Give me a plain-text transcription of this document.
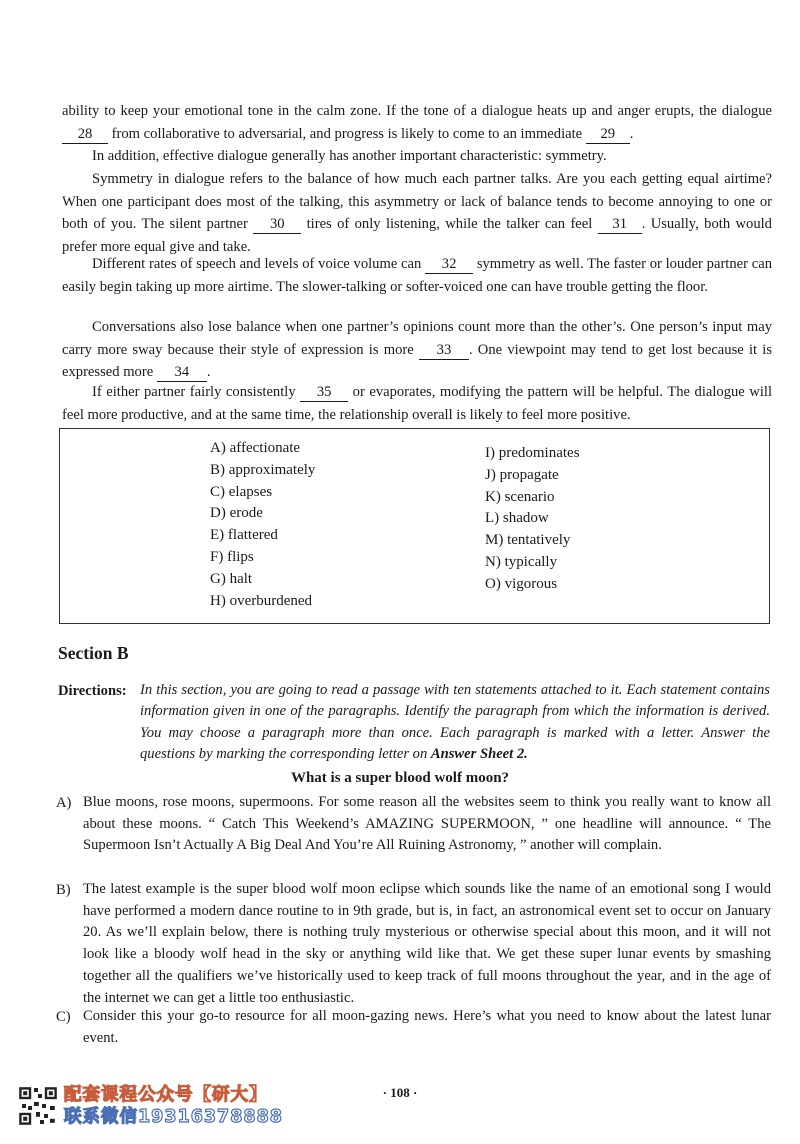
ability to keep your emotional tone in the calm zone. If the tone of a dialogue heats up and anger erupts, the dialogue 28 from collaborative to adversarial, and progress is likely to come to an immediate 29 .

In addition, effective dialogue generally has another important characteristic: symmetry.

Symmetry in dialogue refers to the balance of how much each partner talks. Are you each getting equal airtime? When one participant does most of the talking, this asymmetry or lack of balance tends to become annoying to one or both of you. The silent partner 30 tires of only listening, while the talker can feel 31 . Usually, both would prefer more equal give and take.

Different rates of speech and levels of voice volume can 32 symmetry as well. The faster or louder partner can easily begin taking up more airtime. The slower-talking or softer-voiced one can have trouble getting the floor.

Conversations also lose balance when one partner’s opinions count more than the other’s. One person’s input may carry more sway because their style of expression is more 33 . One viewpoint may tend to get lost because it is expressed more 34 .

If either partner fairly consistently 35 or evaporates, modifying the pattern will be helpful. The dialogue will feel more productive, and at the same time, the relationship overall is likely to feel more positive.

A) affectionate
B) approximately
C) elapses
D) erode
E) flattered
F) flips
G) halt
H) overburdened
I) predominates
J) propagate
K) scenario
L) shadow
M) tentatively
N) typically
O) vigorous
Section B
Directions: In this section, you are going to read a passage with ten statements attached to it. Each statement contains information given in one of the paragraphs. Identify the paragraph from which the information is derived. You may choose a paragraph more than once. Each paragraph is marked with a letter. Answer the questions by marking the corresponding letter on Answer Sheet 2.

What is a super blood wolf moon?
A) Blue moons, rose moons, supermoons. For some reason all the websites seem to think you really want to know all about these moons. “ Catch This Weekend’s AMAZING SUPERMOON, ” one headline will announce. “ The Supermoon Isn’t Actually A Big Deal And You’re All Ruining Astronomy, ” another will complain.

B) The latest example is the super blood wolf moon eclipse which sounds like the name of an emotional song I would have performed a modern dance routine to in 9th grade, but is, in fact, an astronomical event set to occur on January 20. As we’ll explain below, there is nothing truly mysterious or otherwise special about this moon, and it will not look like a bloody wolf head in the sky or anything wild like that. We get these super lunar events by smashing together all the qualifiers we’ve historically used to keep track of full moons throughout the year, and in the age of the internet we can get a little too enthusiastic.

C) Consider this your go-to resource for all moon-gazing news. Here’s what you need to know about the latest lunar event.

· 108 ·
配套课程公众号【研大】
联系微信19316378888
